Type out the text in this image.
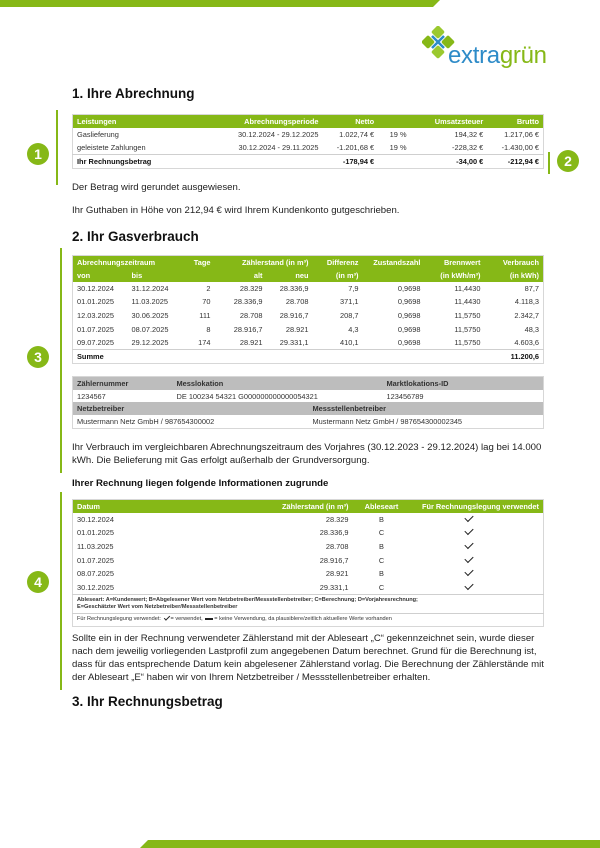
extragrün
1	2
3
4
1. Ihre Abrechnung
Leistungen	Abrechnungsperiode	Netto		Umsatzsteuer	Brutto
Gaslieferung	30.12.2024 - 29.12.2025	1.022,74 €	19 %	194,32 €	1.217,06 €
geleistete Zahlungen	30.12.2024 - 29.11.2025	-1.201,68 €	19 %	-228,32 €	-1.430,00 €
Ihr Rechnungsbetrag		-178,94 €		-34,00 €	-212,94 €

Der Betrag wird gerundet ausgewiesen.

Ihr Guthaben in Höhe von 212,94 € wird Ihrem Kundenkonto gutgeschrieben.

2. Ihr Gasverbrauch
Abrechnungszeitraum		Tage	Zählerstand (in m³)		Differenz	Zustandszahl	Brennwert	Verbrauch
von	bis		alt	neu	(in m³)		(in kWh/m³)	(in kWh)
30.12.2024	31.12.2024	2	28.329	28.336,9	7,9	0,9698	11,4430	87,7
01.01.2025	11.03.2025	70	28.336,9	28.708	371,1	0,9698	11,4430	4.118,3
12.03.2025	30.06.2025	111	28.708	28.916,7	208,7	0,9698	11,5750	2.342,7
01.07.2025	08.07.2025	8	28.916,7	28.921	4,3	0,9698	11,5750	48,3
09.07.2025	29.12.2025	174	28.921	29.331,1	410,1	0,9698	11,5750	4.603,6
Summe								11.200,6
Zählernummer	Messlokation	Marktlokations-ID
1234567	DE 100234 54321 G000000000000054321	123456789
Netzbetreiber	Messstellenbetreiber
Mustermann Netz GmbH / 987654300002	Mustermann Netz GmbH / 987654300002345

Ihr Verbrauch im vergleichbaren Abrechnungszeitraum des Vorjahres (30.12.2023 - 29.12.2024) lag bei 14.000 kWh. Die Belieferung mit Gas erfolgt außerhalb der Grundversorgung.

Ihrer Rechnung liegen folgende Informationen zugrunde
Datum	Zählerstand (in m³)	Ableseart	Für Rechnungslegung verwendet
30.12.2024	28.329	B	
01.01.2025	28.336,9	C	
11.03.2025	28.708	B	
01.07.2025	28.916,7	C	
08.07.2025	28.921	B	
30.12.2025	29.331,1	C	
Ableseart: A=Kundenwert; B=Abgelesener Wert vom Netzbetreiber/Messstellenbetreiber; C=Berechnung; D=Vorjahresrechnung;
E=Geschätzter Wert vom Netzbetreiber/Messstellenbetreiber			
Für Rechnungslegung verwendet: = verwendet, = keine Verwendung, da plausiblere/zeitlich aktuellere Werte vorhanden			

Sollte ein in der Rechnung verwendeter Zählerstand mit der Ableseart „C“ gekennzeichnet sein, wurde dieser nach dem jeweilig vorliegenden Lastprofil zum angegebenen Datum berechnet. Grund für die Berechnung ist, dass für das entsprechende Datum kein abgelesener Zählerstand vorlag. Die Berechnung der Zählerstände mit der Ableseart „E“ haben wir von Ihrem Netzbetreiber / Messstellenbetreiber erhalten.

3. Ihr Rechnungsbetrag
